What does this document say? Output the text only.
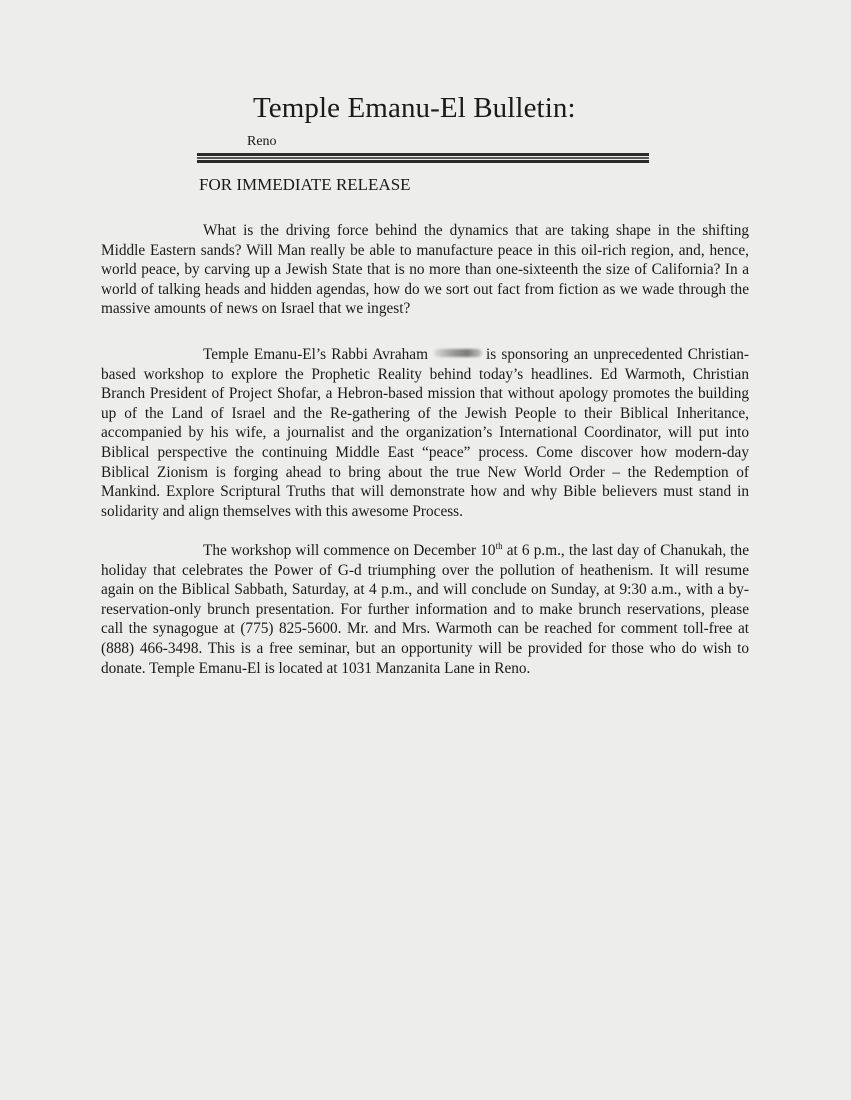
Temple Emanu-El Bulletin:
Reno
FOR IMMEDIATE RELEASE

What is the driving force behind the dynamics that are taking shape in the shifting Middle Eastern sands? Will Man really be able to manufacture peace in this oil-rich region, and, hence, world peace, by carving up a Jewish State that is no more than one-sixteenth the size of California? In a world of talking heads and hidden agendas, how do we sort out fact from fiction as we wade through the massive amounts of news on Israel that we ingest?

Temple Emanu-El’s Rabbi Avraham	is sponsoring an unprecedented Christian-based workshop to explore the Prophetic Reality behind today’s headlines. Ed Warmoth, Christian Branch President of Project Shofar, a Hebron-based mission that without apology promotes the building up of the Land of Israel and the Re-gathering of the Jewish People to their Biblical Inheritance, accompanied by his wife, a journalist and the organization’s International Coordinator, will put into Biblical perspective the continuing Middle East “peace” process. Come discover how modern-day Biblical Zionism is forging ahead to bring about the true New World Order – the Redemption of Mankind. Explore Scriptural Truths that will demonstrate how and why Bible believers must stand in solidarity and align themselves with this awesome Process.

The workshop will commence on December 10th at 6 p.m., the last day of Chanukah, the holiday that celebrates the Power of G-d triumphing over the pollution of heathenism. It will resume again on the Biblical Sabbath, Saturday, at 4 p.m., and will conclude on Sunday, at 9:30 a.m., with a by-reservation-only brunch presentation. For further information and to make brunch reservations, please call the synagogue at (775) 825-5600. Mr. and Mrs. Warmoth can be reached for comment toll-free at (888) 466-3498. This is a free seminar, but an opportunity will be provided for those who do wish to donate. Temple Emanu-El is located at 1031 Manzanita Lane in Reno.
